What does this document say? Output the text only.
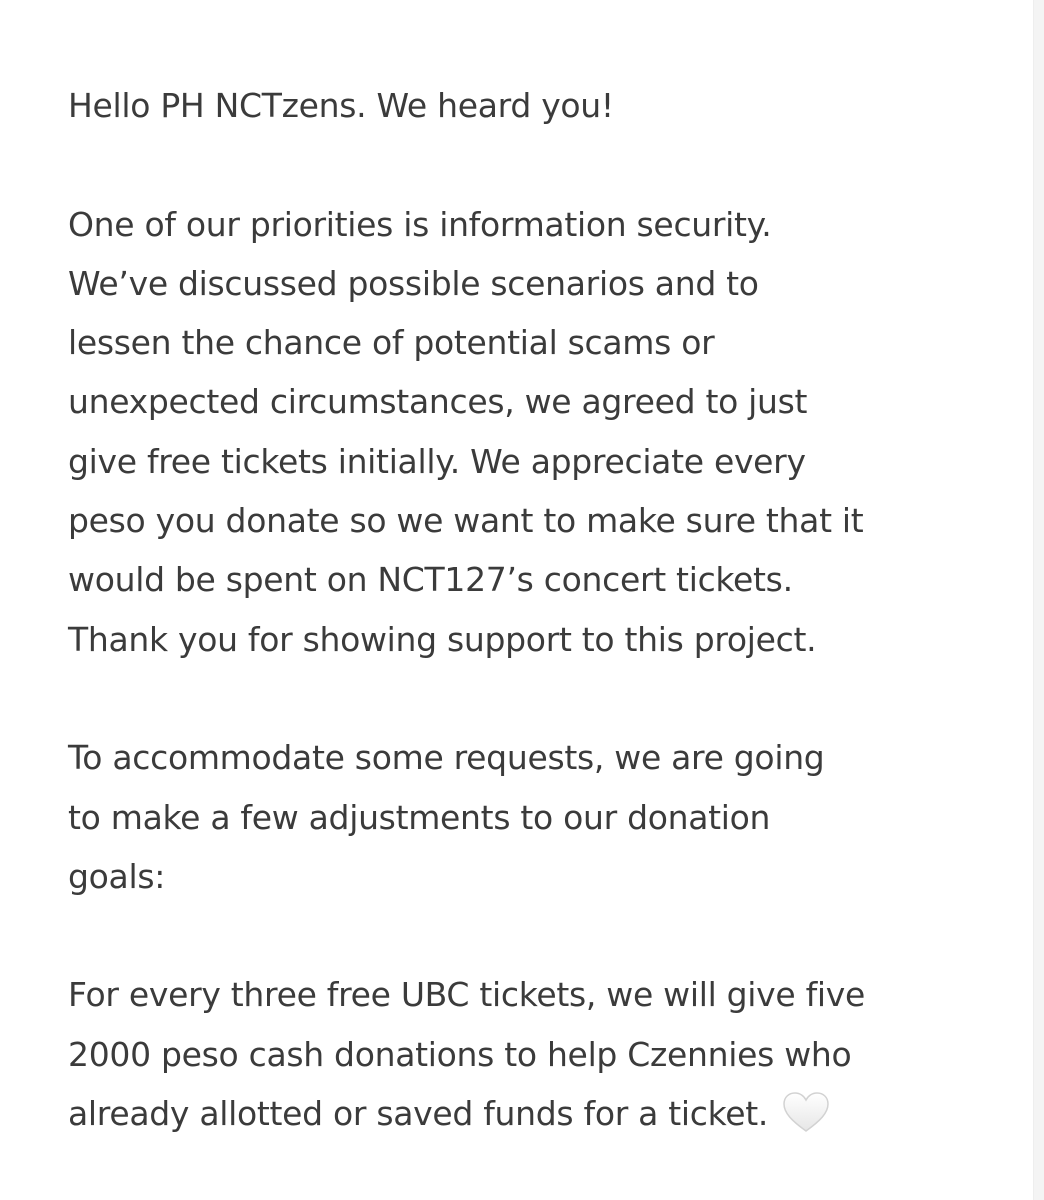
Hello PH NCTzens. We heard you!

One of our priorities is information security.
We’ve discussed possible scenarios and to
lessen the chance of potential scams or
unexpected circumstances, we agreed to just
give free tickets initially. We appreciate every
peso you donate so we want to make sure that it
would be spent on NCT127’s concert tickets.
Thank you for showing support to this project.

To accommodate some requests, we are going
to make a few adjustments to our donation
goals:

For every three free UBC tickets, we will give five
2000 peso cash donations to help Czennies who
already allotted or saved funds for a ticket.
